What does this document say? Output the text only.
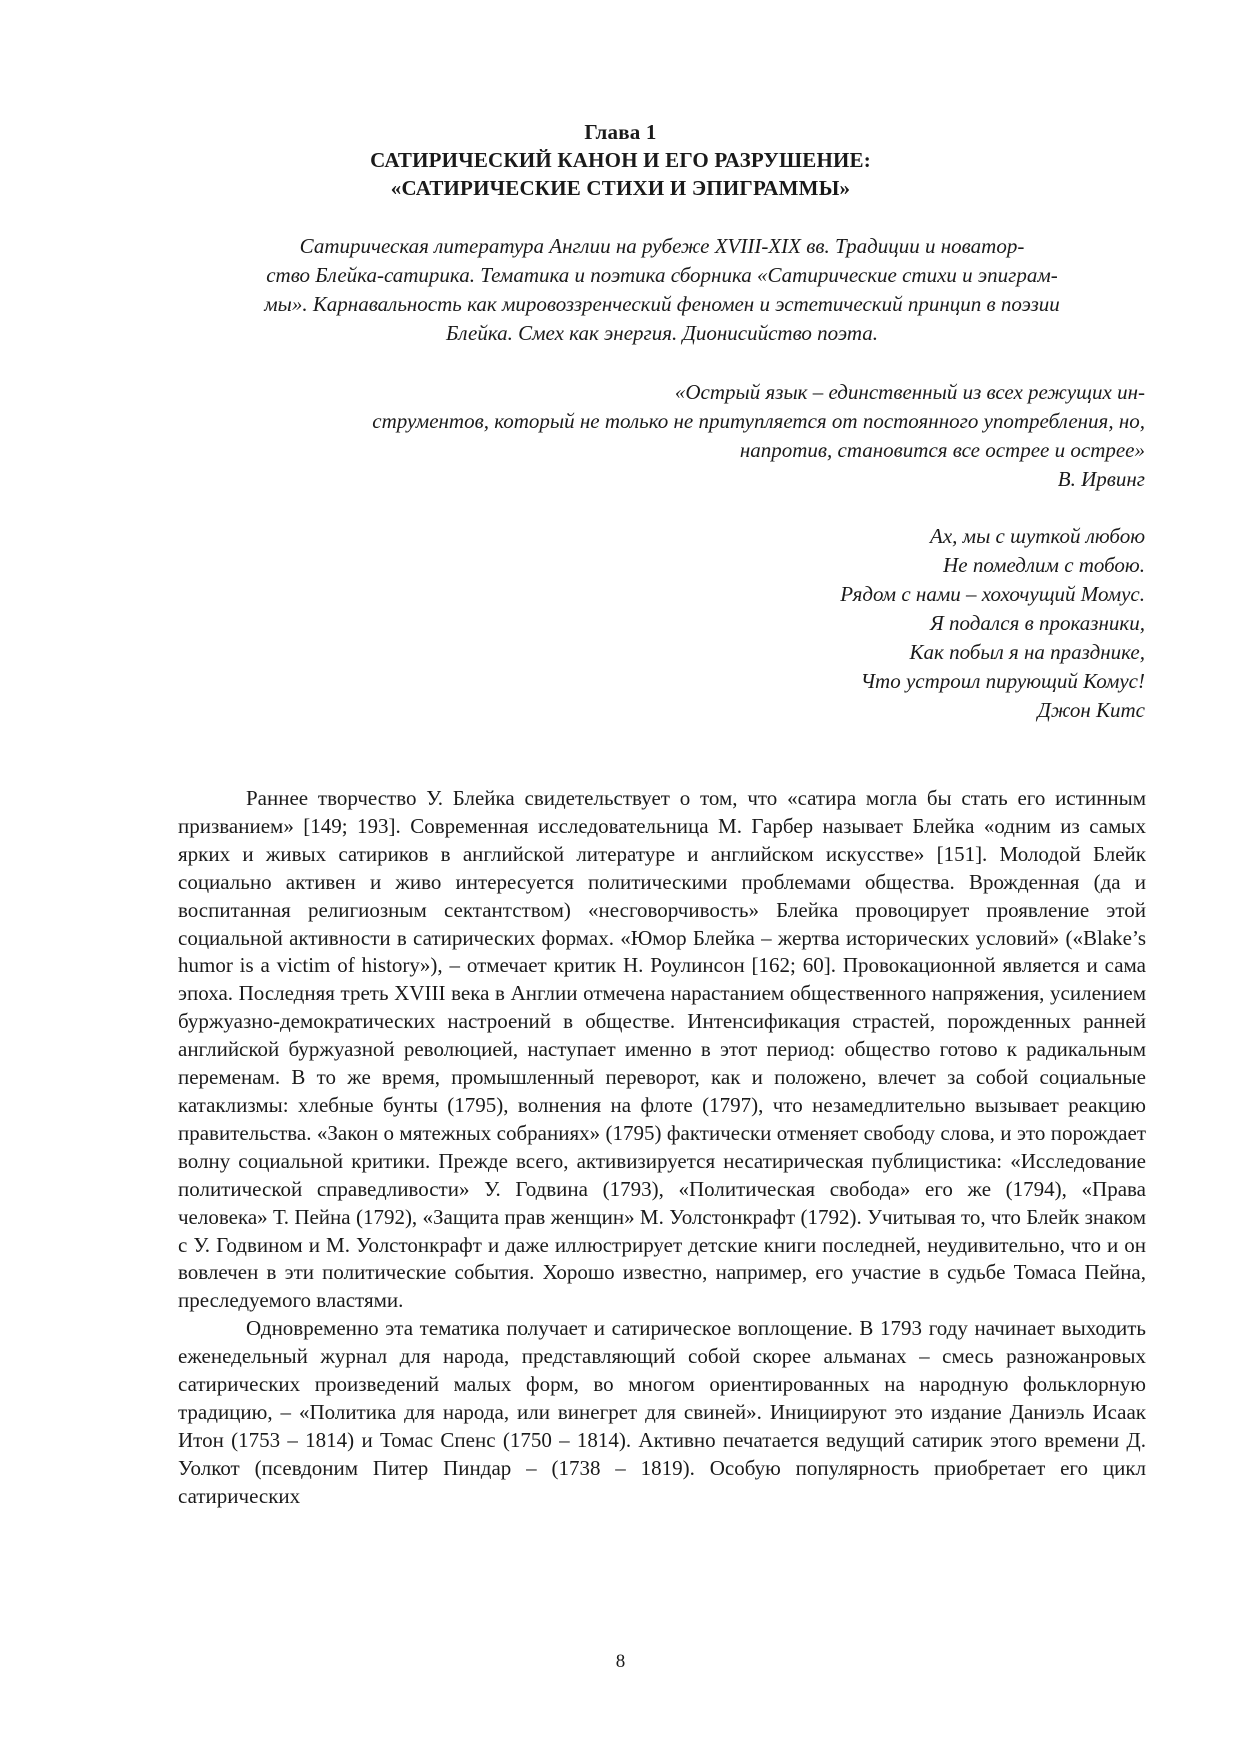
Глава 1
САТИРИЧЕСКИЙ КАНОН И ЕГО РАЗРУШЕНИЕ:
«САТИРИЧЕСКИЕ СТИХИ И ЭПИГРАММЫ»
Сатирическая литература Англии на рубеже XVIII-XIX вв. Традиции и новатор-
ство Блейка-сатирика. Тематика и поэтика сборника «Сатирические стихи и эпиграм-
мы». Карнавальность как мировоззренческий феномен и эстетический принцип в поэзии
Блейка. Смех как энергия. Дионисийство поэта.
«Острый язык – единственный из всех режущих ин-
струментов, который не только не притупляется от постоянного употребления, но,
напротив, становится все острее и острее»
В. Ирвинг
Ах, мы с шуткой любою
Не помедлим с тобою.
Рядом с нами – хохочущий Момус.
Я подался в проказники,
Как побыл я на празднике,
Что устроил пирующий Комус!
Джон Китс

Раннее творчество У. Блейка свидетельствует о том, что «сатира могла бы стать его истинным призванием» [149; 193]. Современная исследовательница М. Гарбер называет Блейка «одним из самых ярких и живых сатириков в английской литературе и английском искусстве» [151]. Молодой Блейк социально активен и живо интересуется политическими проблемами общества. Врожденная (да и воспитанная религиозным сектантством) «несговорчивость» Блейка провоцирует проявление этой социальной активности в сатирических формах. «Юмор Блейка – жертва исторических условий» («Blake’s humor is a victim of history»), – отмечает критик Н. Роулинсон [162; 60]. Провокационной является и сама эпоха. Последняя треть XVIII века в Англии отмечена нарастанием общественного напряжения, усилением буржуазно-демократических настроений в обществе. Интенсификация страстей, порожденных ранней английской буржуазной революцией, наступает именно в этот период: общество готово к радикальным переменам. В то же время, промышленный переворот, как и положено, влечет за собой социальные катаклизмы: хлебные бунты (1795), волнения на флоте (1797), что незамедлительно вызывает реакцию правительства. «Закон о мятежных собраниях» (1795) фактически отменяет свободу слова, и это порождает волну социальной критики. Прежде всего, активизируется несатирическая публицистика: «Исследование политической справедливости» У. Годвина (1793), «Политическая свобода» его же (1794), «Права человека» Т. Пейна (1792), «Защита прав женщин» М. Уолстонкрафт (1792). Учитывая то, что Блейк знаком с У. Годвином и М. Уолстонкрафт и даже иллюстрирует детские книги последней, неудивительно, что и он вовлечен в эти политические события. Хорошо известно, например, его участие в судьбе Томаса Пейна, преследуемого властями.

Одновременно эта тематика получает и сатирическое воплощение. В 1793 году начинает выходить еженедельный журнал для народа, представляющий собой скорее альманах – смесь разножанровых сатирических произведений малых форм, во многом ориентированных на народную фольклорную традицию, – «Политика для народа, или винегрет для свиней». Инициируют это издание Даниэль Исаак Итон (1753 – 1814) и Томас Спенс (1750 – 1814). Активно печатается ведущий сатирик этого времени Д. Уолкот (псевдоним Питер Пиндар – (1738 – 1819). Особую популярность приобретает его цикл сатирических

8
